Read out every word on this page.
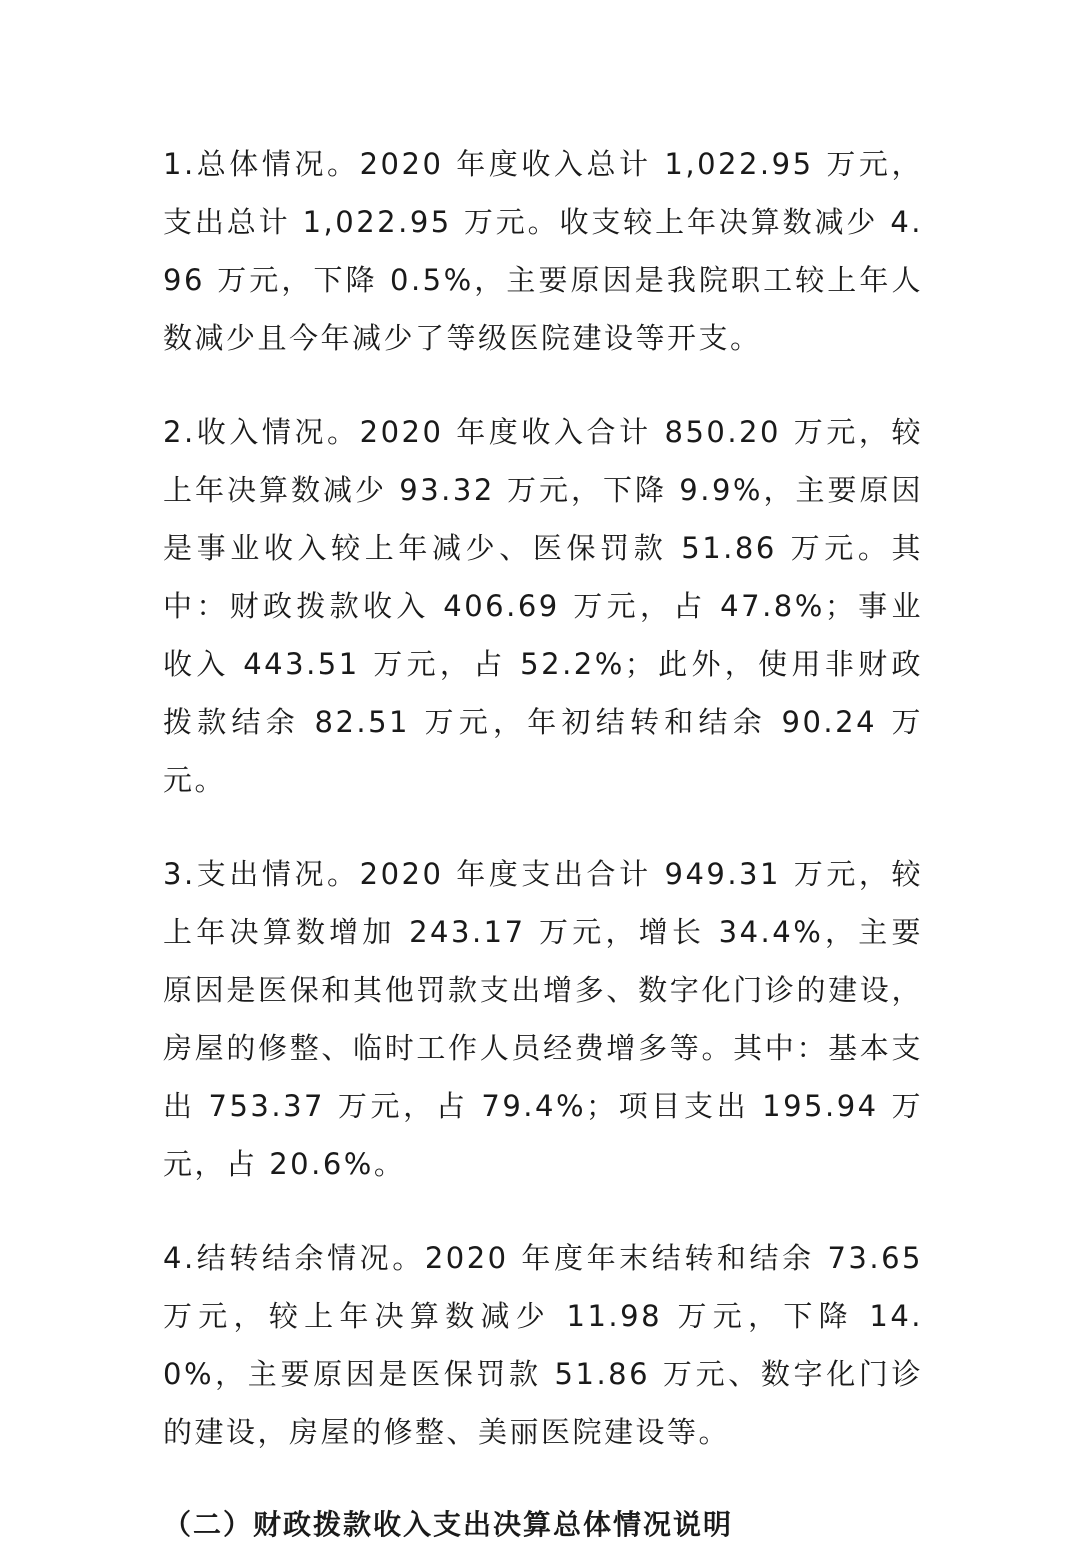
1.总体情况。2020 年度收入总计 1,022.95 万元，支出总计 1,022.95 万元。收支较上年决算数减少 4.96 万元，下降 0.5%，主要原因是我院职工较上年人数减少且今年减少了等级医院建设等开支。

2.收入情况。2020 年度收入合计 850.20 万元，较上年决算数减少 93.32 万元，下降 9.9%，主要原因是事业收入较上年减少、医保罚款 51.86 万元。其中：财政拨款收入 406.69 万元，占 47.8%；事业收入 443.51 万元，占 52.2%；此外，使用非财政拨款结余 82.51 万元，年初结转和结余 90.24 万元。

3.支出情况。2020 年度支出合计 949.31 万元，较上年决算数增加 243.17 万元，增长 34.4%，主要原因是医保和其他罚款支出增多、数字化门诊的建设，房屋的修整、临时工作人员经费增多等。其中：基本支出 753.37 万元，占 79.4%；项目支出 195.94 万元，占 20.6%。

4.结转结余情况。2020 年度年末结转和结余 73.65 万元，较上年决算数减少 11.98 万元，下降 14.0%，主要原因是医保罚款 51.86 万元、数字化门诊的建设，房屋的修整、美丽医院建设等。

（二）财政拨款收入支出决算总体情况说明
